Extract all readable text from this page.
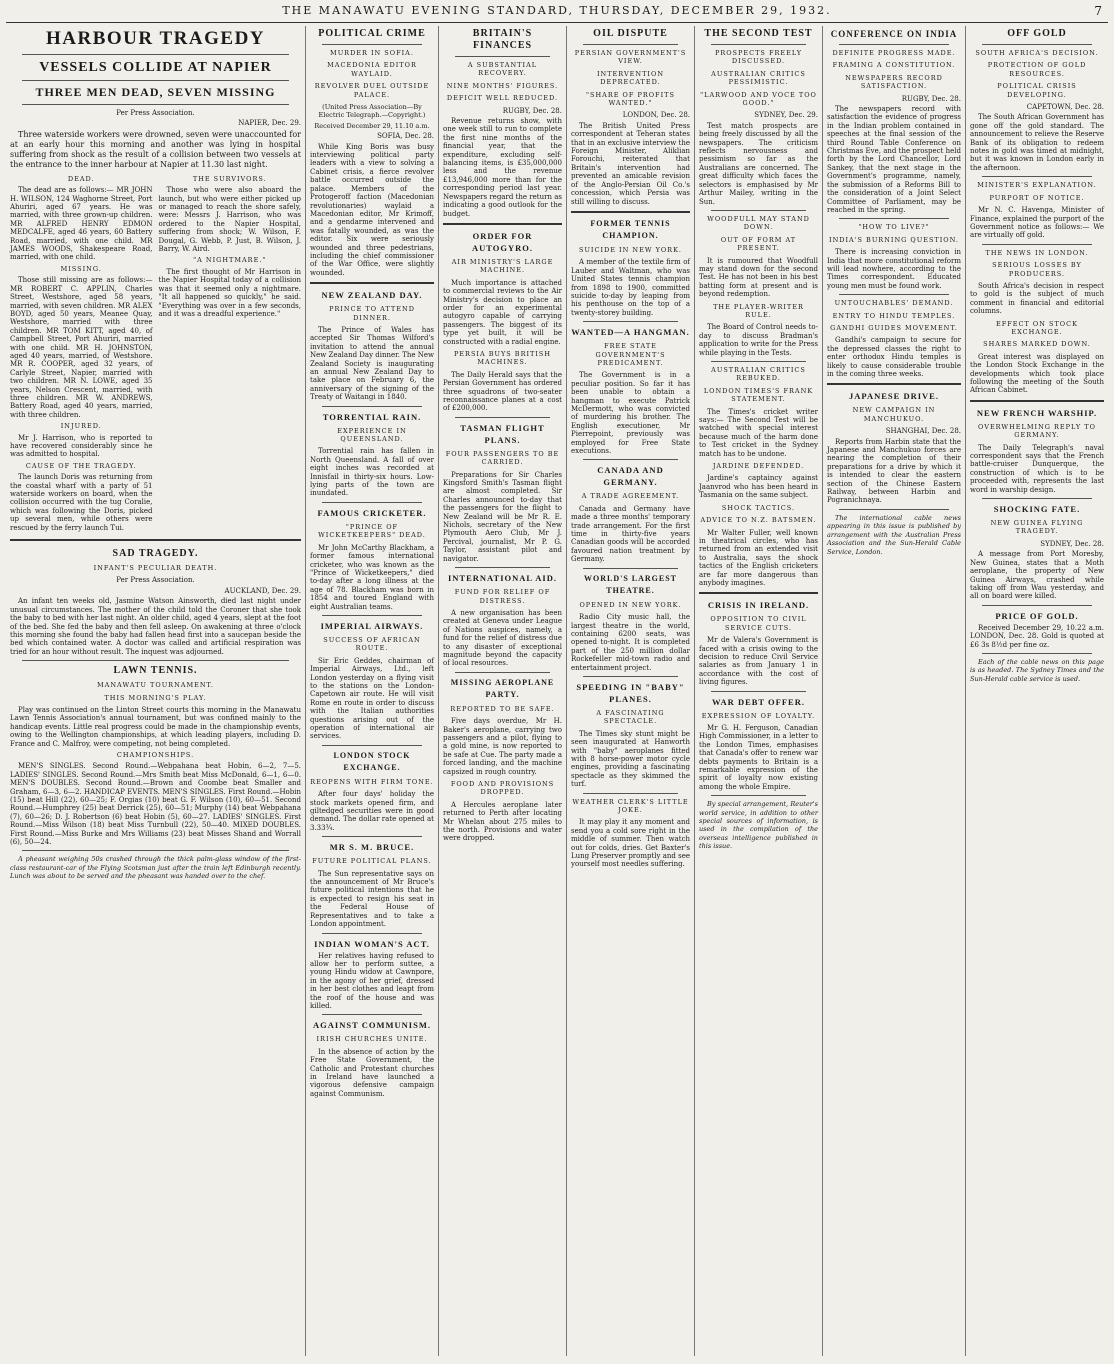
THE MANAWATU EVENING STANDARD, THURSDAY, DECEMBER 29, 1932.	7
HARBOUR TRAGEDY
VESSELS COLLIDE AT NAPIER
THREE MEN DEAD, SEVEN MISSING
Per Press Association.
NAPIER, Dec. 29.

Three waterside workers were drowned, seven were unaccounted for at an early hour this morning and another was lying in hospital suffering from shock as the result of a collision between two vessels at the entrance to the inner harbour at Napier at 11.30 last night.

DEAD.

The dead are as follows:— MR JOHN H. WILSON, 124 Waghorne Street, Port Ahuriri, aged 67 years. He was married, with three grown-up children. MR ALFRED HENRY EDMON MEDCALFE, aged 46 years, 60 Battery Road, married, with one child. MR JAMES WOODS, Shakespeare Road, married, with one child.

MISSING.

Those still missing are as follows:— MR ROBERT C. APPLIN, Charles Street, Westshore, aged 58 years, married, with seven children. MR ALEX BOYD, aged 50 years, Meanee Quay, Westshore, married with three children. MR TOM KITT, aged 40, of Campbell Street, Port Ahuriri, married with one child. MR H. JOHNSTON, aged 40 years, married, of Westshore. MR R. COOPER, aged 32 years, of Carlyle Street, Napier, married with two children. MR N. LOWE, aged 35 years, Nelson Crescent, married, with three children. MR W. ANDREWS, Battery Road, aged 40 years, married, with three children.

INJURED.

Mr J. Harrison, who is reported to have recovered considerably since he was admitted to hospital.

CAUSE OF THE TRAGEDY.

The launch Doris was returning from the coastal wharf with a party of 51 waterside workers on board, when the collision occurred with the tug Coralie, which was following the Doris, picked up several men, while others were rescued by the ferry launch Tui.

THE SURVIVORS.

Those who were also aboard the launch, but who were either picked up or managed to reach the shore safely, were: Messrs J. Harrison, who was ordered to the Napier Hospital, suffering from shock; W. Wilson, F. Dougal, G. Webb, P. Just, B. Wilson, J. Barry, W. Aird.

"A NIGHTMARE."

The first thought of Mr Harrison in the Napier Hospital today of a collision was that it seemed only a nightmare. "It all happened so quickly," he said. "Everything was over in a few seconds, and it was a dreadful experience."

SAD TRAGEDY.
INFANT'S PECULIAR DEATH.
Per Press Association.
AUCKLAND, Dec. 29.

An infant ten weeks old, Jasmine Watson Ainsworth, died last night under unusual circumstances. The mother of the child told the Coroner that she took the baby to bed with her last night. An older child, aged 4 years, slept at the foot of the bed. She fed the baby and then fell asleep. On awakening at three o'clock this morning she found the baby had fallen head first into a saucepan beside the bed which contained water. A doctor was called and artificial respiration was tried for an hour without result. The inquest was adjourned.

LAWN TENNIS.
MANAWATU TOURNAMENT.
THIS MORNING'S PLAY.

Play was continued on the Linton Street courts this morning in the Manawatu Lawn Tennis Association's annual tournament, but was confined mainly to the handicap events. Little real progress could be made in the championship events, owing to the Wellington championships, at which leading players, including D. France and C. Malfroy, were competing, not being completed.

CHAMPIONSHIPS.

MEN'S SINGLES. Second Round.—Webpahana beat Hobin, 6—2, 7—5. LADIES' SINGLES. Second Round.—Mrs Smith beat Miss McDonald, 6—1, 6—0. MEN'S DOUBLES. Second Round.—Brown and Coombe beat Smaller and Graham, 6—3, 6—2. HANDICAP EVENTS. MEN'S SINGLES. First Round.—Hobin (15) beat Hill (22), 60—25; F. Orgias (10) beat G. F. Wilson (10), 60—51. Second Round.—Humphrey (25) beat Derrick (25), 60—51; Murphy (14) beat Webpahana (7), 60—26; D. J. Robertson (6) beat Hobin (5), 60—27. LADIES' SINGLES. First Round.—Miss Wilson (18) beat Miss Turnbull (22), 50—40. MIXED DOUBLES. First Round.—Miss Burke and Mrs Williams (23) beat Misses Shand and Worrall (6), 50—24.

A pheasant weighing 50s crashed through the thick palm-glass window of the first-class restaurant-car of the Flying Scotsman just after the train left Edinburgh recently. Lunch was about to be served and the pheasant was handed over to the chef.

POLITICAL CRIME
MURDER IN SOFIA.
MACEDONIA EDITOR WAYLAID.
REVOLVER DUEL OUTSIDE PALACE.
(United Press Association—By Electric Telegraph.—Copyright.)
Received December 29, 11.10 a.m.
SOFIA, Dec. 28.

While King Boris was busy interviewing political party leaders with a view to solving a Cabinet crisis, a fierce revolver battle occurred outside the palace. Members of the Protogeroff faction (Macedonian revolutionaries) waylaid a Macedonian editor, Mr Krimoff, and a gendarme intervened and was fatally wounded, as was the editor. Six were seriously wounded and three pedestrians, including the chief commissioner of the War Office, were slightly wounded.

NEW ZEALAND DAY.
PRINCE TO ATTEND DINNER.

The Prince of Wales has accepted Sir Thomas Wilford's invitation to attend the annual New Zealand Day dinner. The New Zealand Society is inaugurating an annual New Zealand Day to take place on February 6, the anniversary of the signing of the Treaty of Waitangi in 1840.

TORRENTIAL RAIN.
EXPERIENCE IN QUEENSLAND.

Torrential rain has fallen in North Queensland. A fall of over eight inches was recorded at Innisfail in thirty-six hours. Low-lying parts of the town are inundated.

FAMOUS CRICKETER.
"PRINCE OF WICKETKEEPERS" DEAD.

Mr John McCarthy Blackham, a former famous international cricketer, who was known as the "Prince of Wicketkeepers," died to-day after a long illness at the age of 78. Blackham was born in 1854 and toured England with eight Australian teams.

IMPERIAL AIRWAYS.
SUCCESS OF AFRICAN ROUTE.

Sir Eric Geddes, chairman of Imperial Airways, Ltd., left London yesterday on a flying visit to the stations on the London-Capetown air route. He will visit Rome en route in order to discuss with the Italian authorities questions arising out of the operation of international air services.

LONDON STOCK EXCHANGE.
REOPENS WITH FIRM TONE.

After four days' holiday the stock markets opened firm, and giltedged securities were in good demand. The dollar rate opened at 3.33¾.

MR S. M. BRUCE.
FUTURE POLITICAL PLANS.

The Sun representative says on the announcement of Mr Bruce's future political intentions that he is expected to resign his seat in the Federal House of Representatives and to take a London appointment.

INDIAN WOMAN'S ACT.

Her relatives having refused to allow her to perform suttee, a young Hindu widow at Cawnpore, in the agony of her grief, dressed in her best clothes and leapt from the roof of the house and was killed.

AGAINST COMMUNISM.
IRISH CHURCHES UNITE.

In the absence of action by the Free State Government, the Catholic and Protestant churches in Ireland have launched a vigorous defensive campaign against Communism.

BRITAIN'S FINANCES
A SUBSTANTIAL RECOVERY.
NINE MONTHS' FIGURES.
DEFICIT WELL REDUCED.
RUGBY, Dec. 28.

Revenue returns show, with one week still to run to complete the first nine months of the financial year, that the expenditure, excluding self-balancing items, is £35,000,000 less and the revenue £13,946,000 more than for the corresponding period last year. Newspapers regard the return as indicating a good outlook for the budget.

ORDER FOR AUTOGYRO.
AIR MINISTRY'S LARGE MACHINE.

Much importance is attached to commercial reviews to the Air Ministry's decision to place an order for an experimental autogyro capable of carrying passengers. The biggest of its type yet built, it will be constructed with a radial engine.

PERSIA BUYS BRITISH MACHINES.

The Daily Herald says that the Persian Government has ordered three squadrons of two-seater reconnaissance planes at a cost of £200,000.

TASMAN FLIGHT PLANS.
FOUR PASSENGERS TO BE CARRIED.

Preparations for Sir Charles Kingsford Smith's Tasman flight are almost completed. Sir Charles announced to-day that the passengers for the flight to New Zealand will be Mr R. E. Nichols, secretary of the New Plymouth Aero Club, Mr J. Percival, journalist, Mr P. G. Taylor, assistant pilot and navigator.

INTERNATIONAL AID.
FUND FOR RELIEF OF DISTRESS.

A new organisation has been created at Geneva under League of Nations auspices, namely, a fund for the relief of distress due to any disaster of exceptional magnitude beyond the capacity of local resources.

MISSING AEROPLANE PARTY.
REPORTED TO BE SAFE.

Five days overdue, Mr H. Baker's aeroplane, carrying two passengers and a pilot, flying to a gold mine, is now reported to be safe at Cue. The party made a forced landing, and the machine capsized in rough country.

FOOD AND PROVISIONS DROPPED.

A Hercules aeroplane later returned to Perth after locating Mr Whelan about 275 miles to the north. Provisions and water were dropped.

OIL DISPUTE
PERSIAN GOVERNMENT'S VIEW.
INTERVENTION DEPRECATED.
"SHARE OF PROFITS WANTED."
LONDON, Dec. 28.

The British United Press correspondent at Teheran states that in an exclusive interview the Foreign Minister, Aliklian Forouchi, reiterated that Britain's intervention had prevented an amicable revision of the Anglo-Persian Oil Co.'s concession, which Persia was still willing to discuss.

FORMER TENNIS CHAMPION.
SUICIDE IN NEW YORK.

A member of the textile firm of Lauber and Waltman, who was United States tennis champion from 1898 to 1900, committed suicide to-day by leaping from his penthouse on the top of a twenty-storey building.

WANTED—A HANGMAN.
FREE STATE GOVERNMENT'S PREDICAMENT.

The Government is in a peculiar position. So far it has been unable to obtain a hangman to execute Patrick McDermott, who was convicted of murdering his brother. The English executioner, Mr Pierrepoint, previously was employed for Free State executions.

CANADA AND GERMANY.
A TRADE AGREEMENT.

Canada and Germany have made a three months' temporary trade arrangement. For the first time in thirty-five years Canadian goods will be accorded favoured nation treatment by Germany.

WORLD'S LARGEST THEATRE.
OPENED IN NEW YORK.

Radio City music hall, the largest theatre in the world, containing 6200 seats, was opened to-night. It is completed part of the 250 million dollar Rockefeller mid-town radio and entertainment project.

SPEEDING IN "BABY" PLANES.
A FASCINATING SPECTACLE.

The Times sky stunt might be seen inaugurated at Hanworth with "baby" aeroplanes fitted with 8 horse-power motor cycle engines, providing a fascinating spectacle as they skimmed the turf.

WEATHER CLERK'S LITTLE JOKE.

It may play it any moment and send you a cold sore right in the middle of summer. Then watch out for colds, dries. Get Baxter's Lung Preserver promptly and see yourself most needles suffering.

THE SECOND TEST
PROSPECTS FREELY DISCUSSED.
AUSTRALIAN CRITICS PESSIMISTIC.
"LARWOOD AND VOCE TOO GOOD."
SYDNEY, Dec. 29.

Test match prospects are being freely discussed by all the newspapers. The criticism reflects nervousness and pessimism so far as the Australians are concerned. The great difficulty which faces the selectors is emphasised by Mr Arthur Mailey, writing in the Sun.

WOODFULL MAY STAND DOWN.
OUT OF FORM AT PRESENT.

It is rumoured that Woodfull may stand down for the second Test. He has not been in his best batting form at present and is beyond redemption.

THE PLAYER-WRITER RULE.

The Board of Control needs to-day to discuss Bradman's application to write for the Press while playing in the Tests.

AUSTRALIAN CRITICS REBUKED.
LONDON TIMES'S FRANK STATEMENT.

The Times's cricket writer says:— The Second Test will be watched with special interest because much of the harm done to Test cricket in the Sydney match has to be undone.

JARDINE DEFENDED.

Jardine's captaincy against Jaanvrod who has been heard in Tasmania on the same subject.

SHOCK TACTICS.
ADVICE TO N.Z. BATSMEN.

Mr Walter Fuller, well known in theatrical circles, who has returned from an extended visit to Australia, says the shock tactics of the English cricketers are far more dangerous than anybody imagines.

CRISIS IN IRELAND.
OPPOSITION TO CIVIL SERVICE CUTS.

Mr de Valera's Government is faced with a crisis owing to the decision to reduce Civil Service salaries as from January 1 in accordance with the cost of living figures.

WAR DEBT OFFER.
EXPRESSION OF LOYALTY.

Mr G. H. Ferguson, Canadian High Commissioner, in a letter to the London Times, emphasises that Canada's offer to renew war debts payments to Britain is a remarkable expression of the spirit of loyalty now existing among the whole Empire.

By special arrangement, Reuter's world service, in addition to other special sources of information, is used in the compilation of the overseas intelligence published in this issue.

CONFERENCE ON INDIA
DEFINITE PROGRESS MADE.
FRAMING A CONSTITUTION.
NEWSPAPERS RECORD SATISFACTION.
RUGBY, Dec. 28.

The newspapers record with satisfaction the evidence of progress in the Indian problem contained in speeches at the final session of the third Round Table Conference on Christmas Eve, and the prospect held forth by the Lord Chancellor, Lord Sankey, that the next stage in the Government's programme, namely, the submission of a Reforms Bill to the consideration of a Joint Select Committee of Parliament, may be reached in the spring.

"HOW TO LIVE?"
INDIA'S BURNING QUESTION.

There is increasing conviction in India that more constitutional reform will lead nowhere, according to the Times correspondent. Educated young men must be found work.

UNTOUCHABLES' DEMAND.
ENTRY TO HINDU TEMPLES.
GANDHI GUIDES MOVEMENT.

Gandhi's campaign to secure for the depressed classes the right to enter orthodox Hindu temples is likely to cause considerable trouble in the coming three weeks.

JAPANESE DRIVE.
NEW CAMPAIGN IN MANCHUKUO.
SHANGHAI, Dec. 28.

Reports from Harbin state that the Japanese and Manchukuo forces are nearing the completion of their preparations for a drive by which it is intended to clear the eastern section of the Chinese Eastern Railway, between Harbin and Pogranichnaya.

The international cable news appearing in this issue is published by arrangement with the Australian Press Association and the Sun-Herald Cable Service, London.

OFF GOLD
SOUTH AFRICA'S DECISION.
PROTECTION OF GOLD RESOURCES.
POLITICAL CRISIS DEVELOPING.
CAPETOWN, Dec. 28.

The South African Government has gone off the gold standard. The announcement to relieve the Reserve Bank of its obligation to redeem notes in gold was timed at midnight, but it was known in London early in the afternoon.

MINISTER'S EXPLANATION.
PURPORT OF NOTICE.

Mr N. C. Havenga, Minister of Finance, explained the purport of the Government notice as follows:— We are virtually off gold.

THE NEWS IN LONDON.
SERIOUS LOSSES BY PRODUCERS.

South Africa's decision in respect to gold is the subject of much comment in financial and editorial columns.

EFFECT ON STOCK EXCHANGE.
SHARES MARKED DOWN.

Great interest was displayed on the London Stock Exchange in the developments which took place following the meeting of the South African Cabinet.

NEW FRENCH WARSHIP.
OVERWHELMING REPLY TO GERMANY.

The Daily Telegraph's naval correspondent says that the French battle-cruiser Dunquerque, the construction of which is to be proceeded with, represents the last word in warship design.

SHOCKING FATE.
NEW GUINEA FLYING TRAGEDY.
SYDNEY, Dec. 28.

A message from Port Moresby, New Guinea, states that a Moth aeroplane, the property of New Guinea Airways, crashed while taking off from Wau yesterday, and all on board were killed.

PRICE OF GOLD.

Received December 29, 10.22 a.m. LONDON, Dec. 28. Gold is quoted at £6 3s 8½d per fine oz.

Each of the cable news on this page is as headed. The Sydney Times and the Sun-Herald cable service is used.
